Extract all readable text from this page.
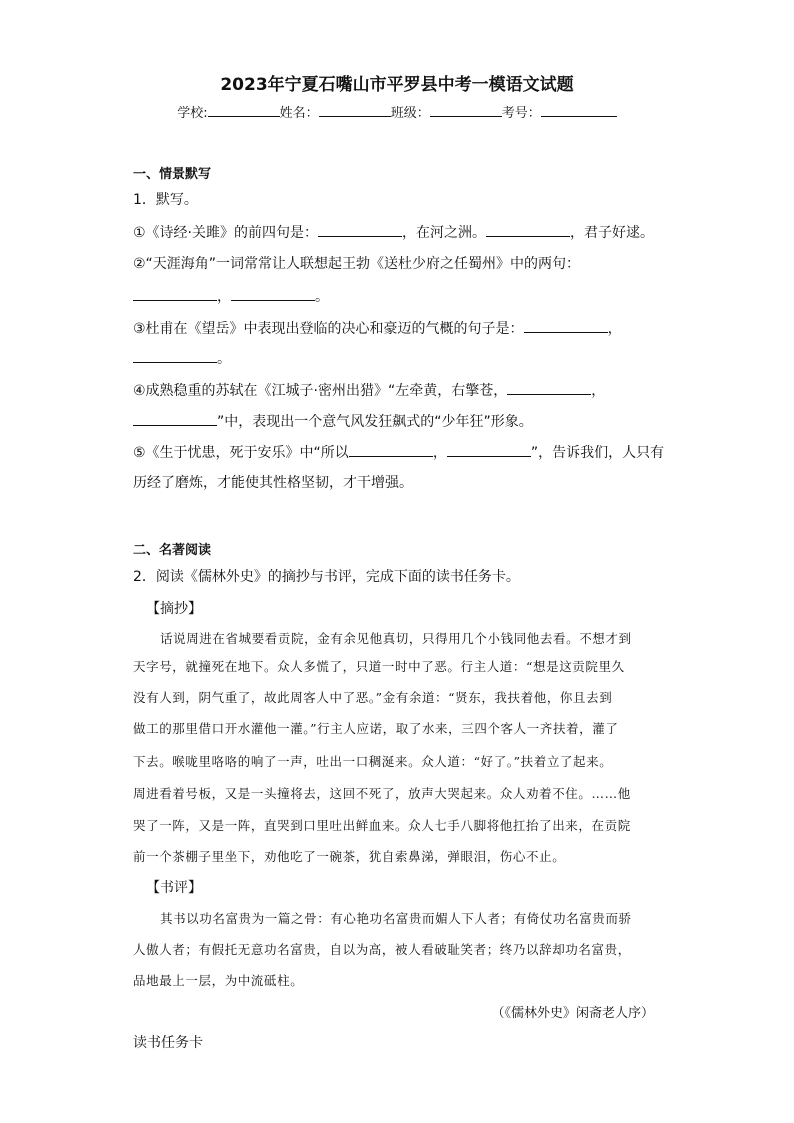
2023年宁夏石嘴山市平罗县中考一模语文试题
学校:	姓名：	班级：	考号：
一、情景默写
1．默写。
①《诗经·关雎》的前四句是：	，在河之洲。	，君子好逑。
②“天涯海角”一词常常让人联想起王勃《送杜少府之任蜀州》中的两句：
，	。
③杜甫在《望岳》中表现出登临的决心和豪迈的气概的句子是：	，
。
④成熟稳重的苏轼在《江城子·密州出猎》“左牵黄，右擎苍，	，
”中，表现出一个意气风发狂飙式的“少年狂”形象。
⑤《生于忧患，死于安乐》中“所以	，	”，告诉我们，人只有
历经了磨炼，才能使其性格坚韧，才干增强。
二、名著阅读
2．阅读《儒林外史》的摘抄与书评，完成下面的读书任务卡。
【摘抄】
话说周进在省城要看贡院，金有余见他真切，只得用几个小钱同他去看。不想才到
天字号，就撞死在地下。众人多慌了，只道一时中了恶。行主人道：“想是这贡院里久
没有人到，阴气重了，故此周客人中了恶。”金有余道：“贤东，我扶着他，你且去到
做工的那里借口开水灌他一灌。”行主人应诺，取了水来，三四个客人一齐扶着，灌了
下去。喉咙里咯咯的响了一声，吐出一口稠涎来。众人道：“好了。”扶着立了起来。
周进看着号板，又是一头撞将去，这回不死了，放声大哭起来。众人劝着不住。……他
哭了一阵，又是一阵，直哭到口里吐出鲜血来。众人七手八脚将他扛抬了出来，在贡院
前一个茶棚子里坐下，劝他吃了一碗茶，犹自索鼻涕，弹眼泪，伤心不止。
【书评】
其书以功名富贵为一篇之骨：有心艳功名富贵而媚人下人者；有倚仗功名富贵而骄
人傲人者；有假托无意功名富贵，自以为高，被人看破耻笑者；终乃以辞却功名富贵，
品地最上一层，为中流砥柱。
（《儒林外史》闲斋老人序）
读书任务卡
